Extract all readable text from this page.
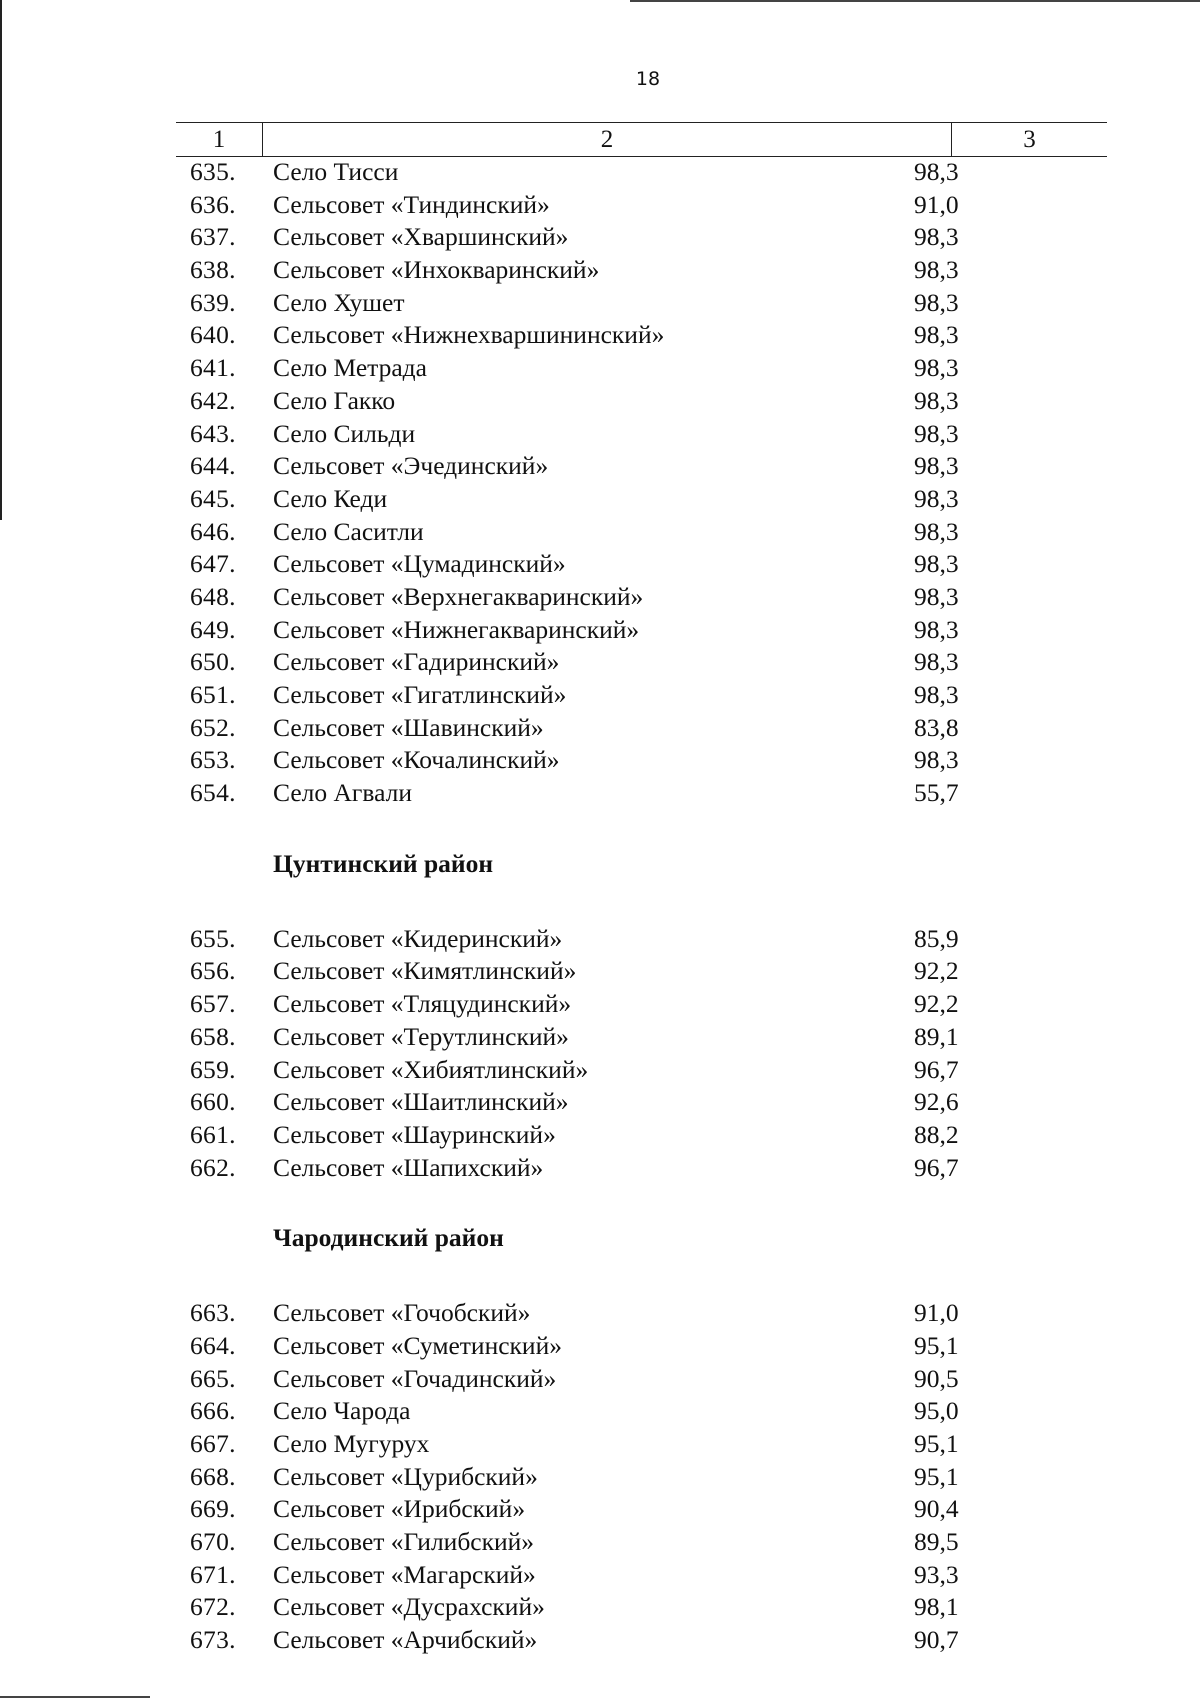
18
1	2	3
635. Село Тисси	98,3
636. Сельсовет «Тиндинский»	91,0
637. Сельсовет «Хваршинский»	98,3
638. Сельсовет «Инхокваринский»	98,3
639. Село Хушет	98,3
640. Сельсовет «Нижнехваршининский»	98,3
641. Село Метрада	98,3
642. Село Гакко	98,3
643. Село Сильди	98,3
644. Сельсовет «Эчединский»	98,3
645. Село Кеди	98,3
646. Село Саситли	98,3
647. Сельсовет «Цумадинский»	98,3
648. Сельсовет «Верхнегакваринский»	98,3
649. Сельсовет «Нижнегакваринский»	98,3
650. Сельсовет «Гадиринский»	98,3
651. Сельсовет «Гигатлинский»	98,3
652. Сельсовет «Шавинский»	83,8
653. Сельсовет «Кочалинский»	98,3
654. Село Агвали	55,7
Цунтинский район
655. Сельсовет «Кидеринский»	85,9
656. Сельсовет «Кимятлинский»	92,2
657. Сельсовет «Тляцудинский»	92,2
658. Сельсовет «Терутлинский»	89,1
659. Сельсовет «Хибиятлинский»	96,7
660. Сельсовет «Шаитлинский»	92,6
661. Сельсовет «Шауринский»	88,2
662. Сельсовет «Шапихский»	96,7
Чародинский район
663. Сельсовет «Гочобский»	91,0
664. Сельсовет «Суметинский»	95,1
665. Сельсовет «Гочадинский»	90,5
666. Село Чарода	95,0
667. Село Мугурух	95,1
668. Сельсовет «Цурибский»	95,1
669. Сельсовет «Ирибский»	90,4
670. Сельсовет «Гилибский»	89,5
671. Сельсовет «Магарский»	93,3
672. Сельсовет «Дусрахский»	98,1
673. Сельсовет «Арчибский»	90,7
